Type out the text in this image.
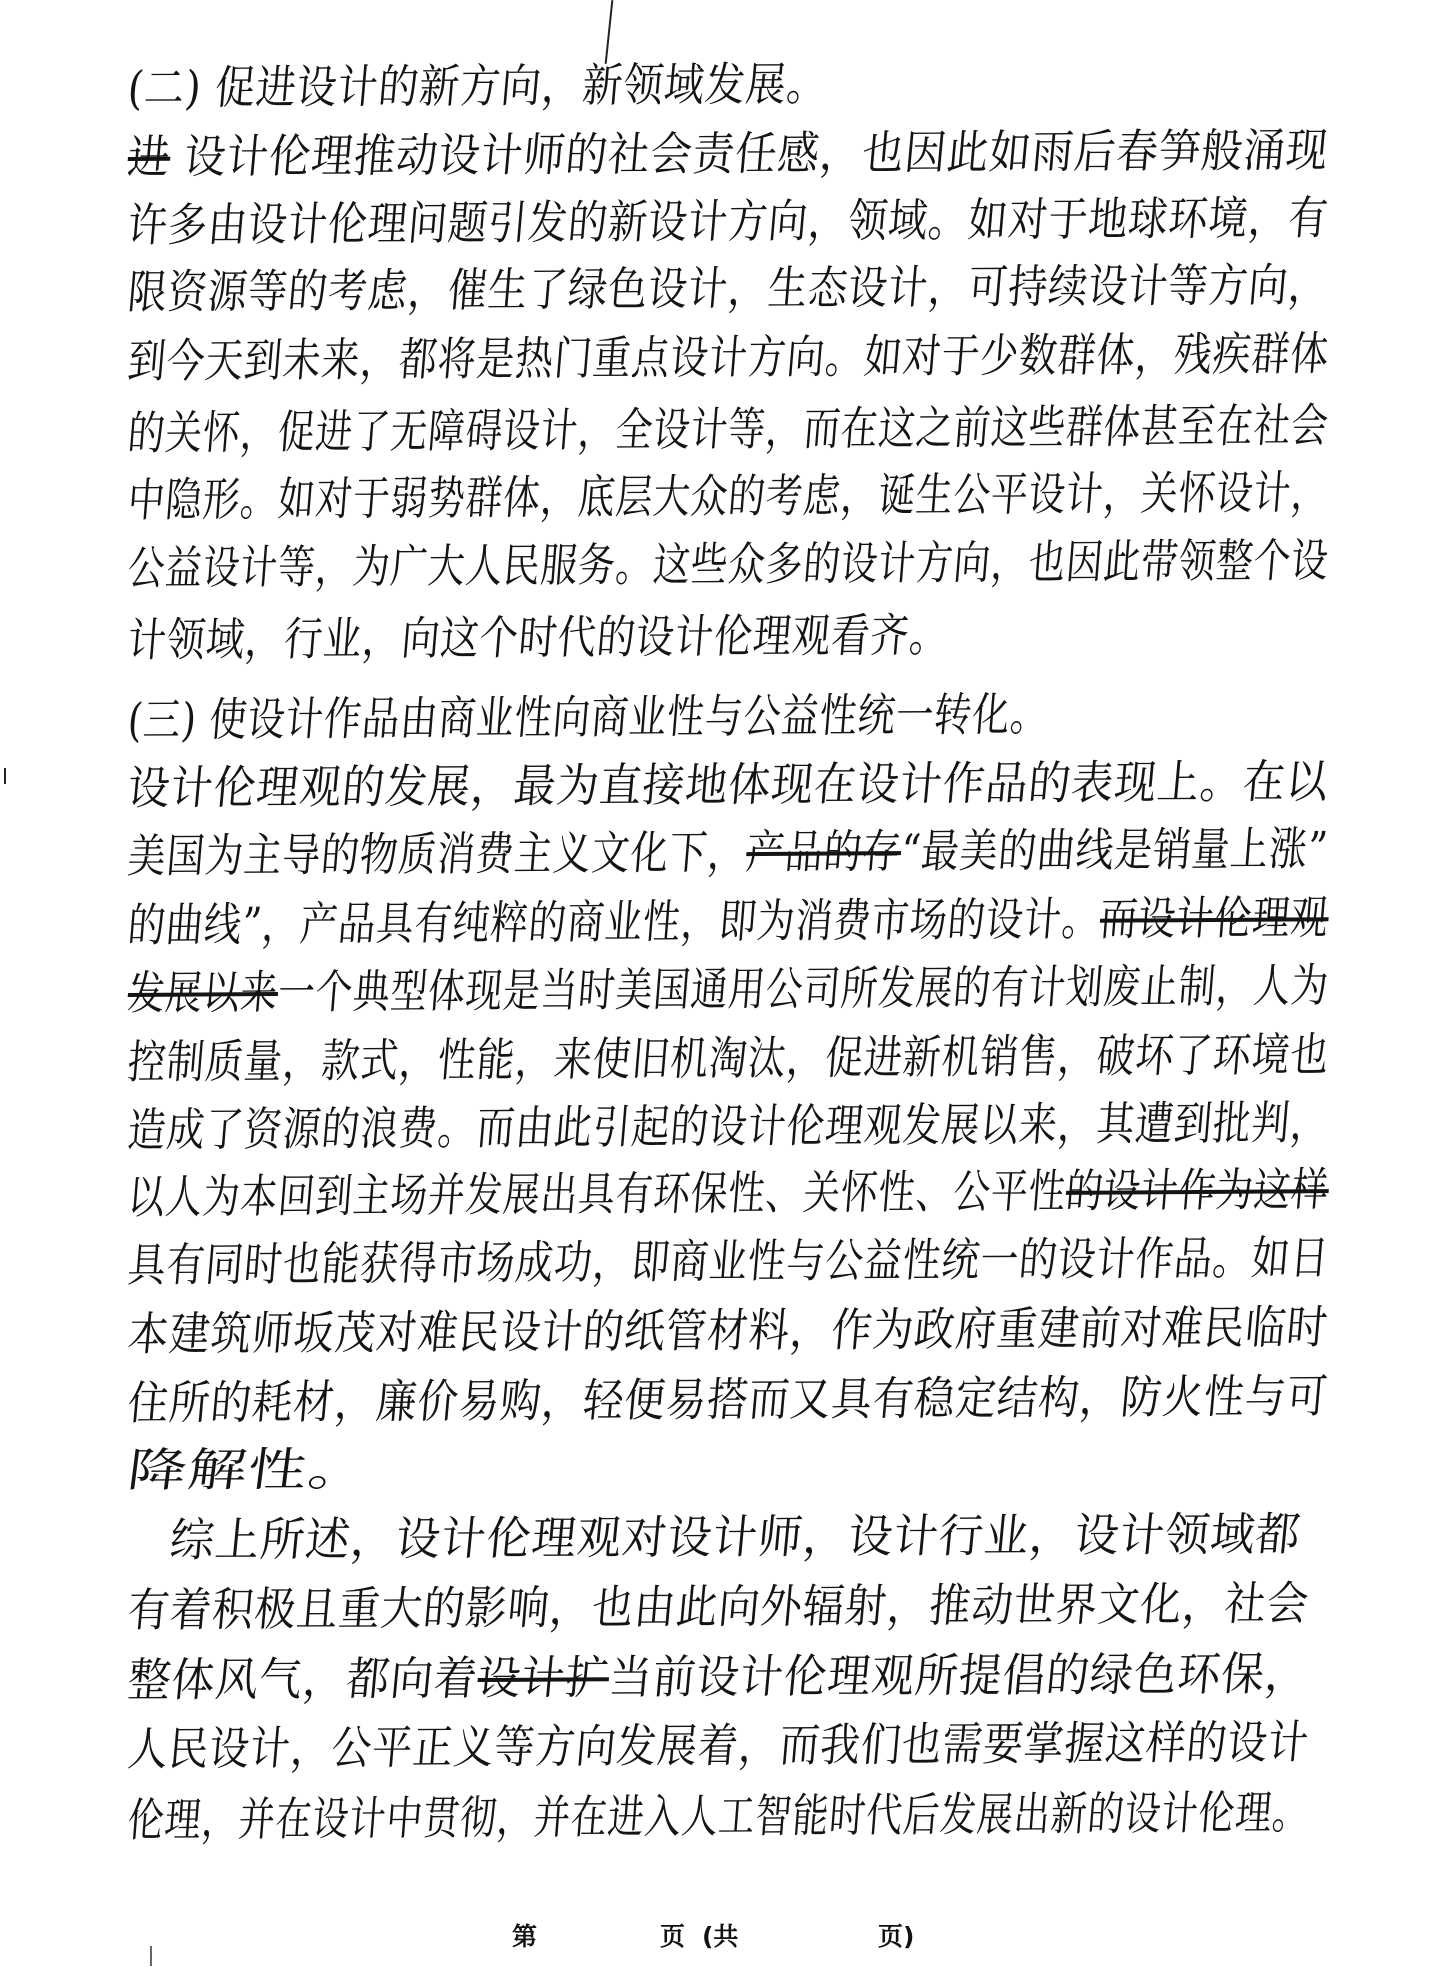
(二) 促进设计的新方向，新领域发展。
进 设计伦理推动设计师的社会责任感，也因此如雨后春笋般涌现
许多由设计伦理问题引发的新设计方向，领域。如对于地球环境，有
限资源等的考虑，催生了绿色设计，生态设计，可持续设计等方向，
到今天到未来，都将是热门重点设计方向。如对于少数群体，残疾群体
的关怀，促进了无障碍设计，全设计等，而在这之前这些群体甚至在社会
中隐形。如对于弱势群体，底层大众的考虑，诞生公平设计，关怀设计，
公益设计等，为广大人民服务。这些众多的设计方向，也因此带领整个设
计领域，行业，向这个时代的设计伦理观看齐。
(三) 使设计作品由商业性向商业性与公益性统一转化。
设计伦理观的发展，最为直接地体现在设计作品的表现上。在以
美国为主导的物质消费主义文化下，产品的存“最美的曲线是销量上涨”
的曲线”，产品具有纯粹的商业性，即为消费市场的设计。而设计伦理观
发展以来一个典型体现是当时美国通用公司所发展的有计划废止制，人为
控制质量，款式，性能，来使旧机淘汰，促进新机销售，破坏了环境也
造成了资源的浪费。而由此引起的设计伦理观发展以来，其遭到批判，
以人为本回到主场并发展出具有环保性、关怀性、公平性的设计作为这样
具有同时也能获得市场成功，即商业性与公益性统一的设计作品。如日
本建筑师坂茂对难民设计的纸管材料，作为政府重建前对难民临时
住所的耗材，廉价易购，轻便易搭而又具有稳定结构，防火性与可
降解性。
综上所述，设计伦理观对设计师，设计行业，设计领域都
有着积极且重大的影响，也由此向外辐射，推动世界文化，社会
整体风气，都向着设计扩当前设计伦理观所提倡的绿色环保，
人民设计，公平正义等方向发展着，而我们也需要掌握这样的设计
伦理，并在设计中贯彻，并在进入人工智能时代后发展出新的设计伦理。
第	页 (共	页)
